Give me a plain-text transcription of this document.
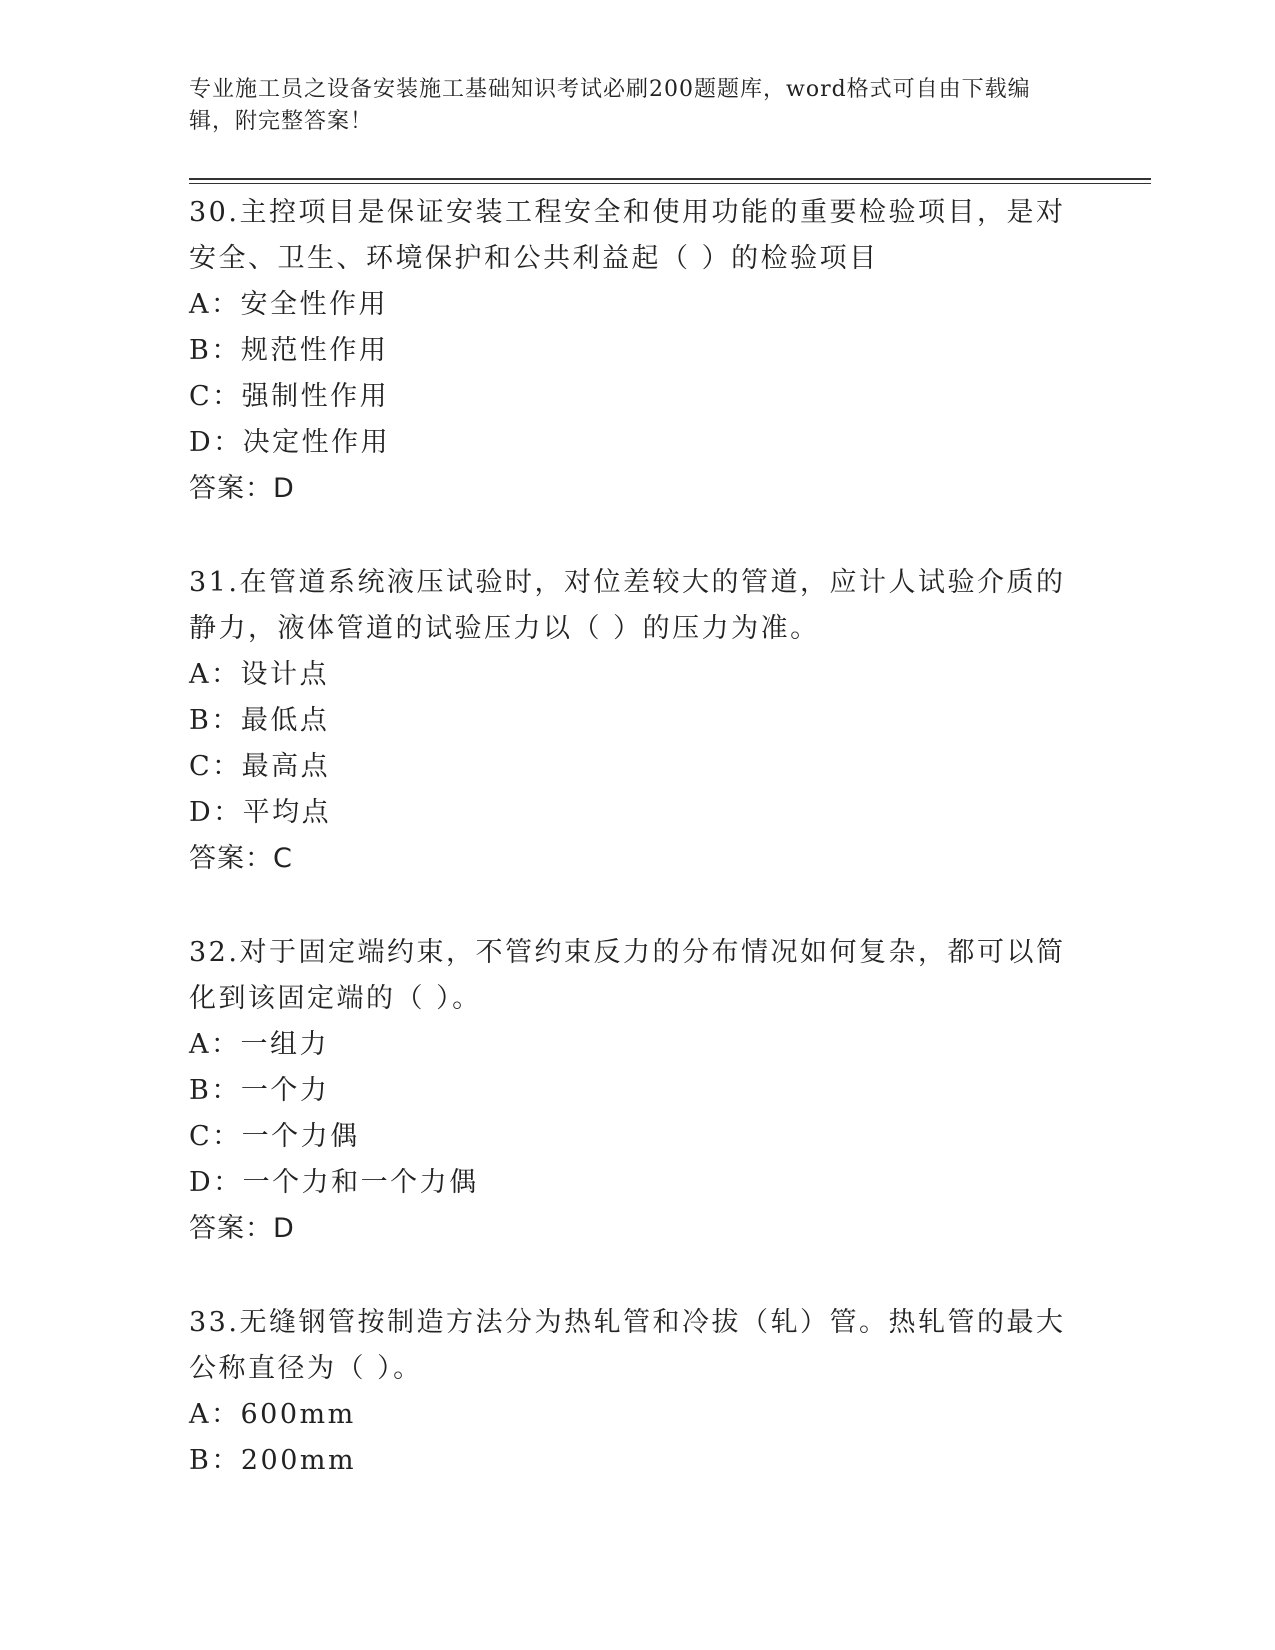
专业施工员之设备安装施工基础知识考试必刷200题题库，word格式可自由下载编辑，附完整答案！
30.主控项目是保证安装工程安全和使用功能的重要检验项目，是对安全、卫生、环境保护和公共利益起（ ）的检验项目
A：安全性作用
B：规范性作用
C：强制性作用
D：决定性作用
答案：D
31.在管道系统液压试验时，对位差较大的管道，应计人试验介质的静力，液体管道的试验压力以（ ）的压力为准。
A：设计点
B：最低点
C：最高点
D：平均点
答案：C
32.对于固定端约束，不管约束反力的分布情况如何复杂，都可以简化到该固定端的（ ）。
A：一组力
B：一个力
C：一个力偶
D：一个力和一个力偶
答案：D
33.无缝钢管按制造方法分为热轧管和冷拔（轧）管。热轧管的最大公称直径为（ ）。
A：600mm
B：200mm
